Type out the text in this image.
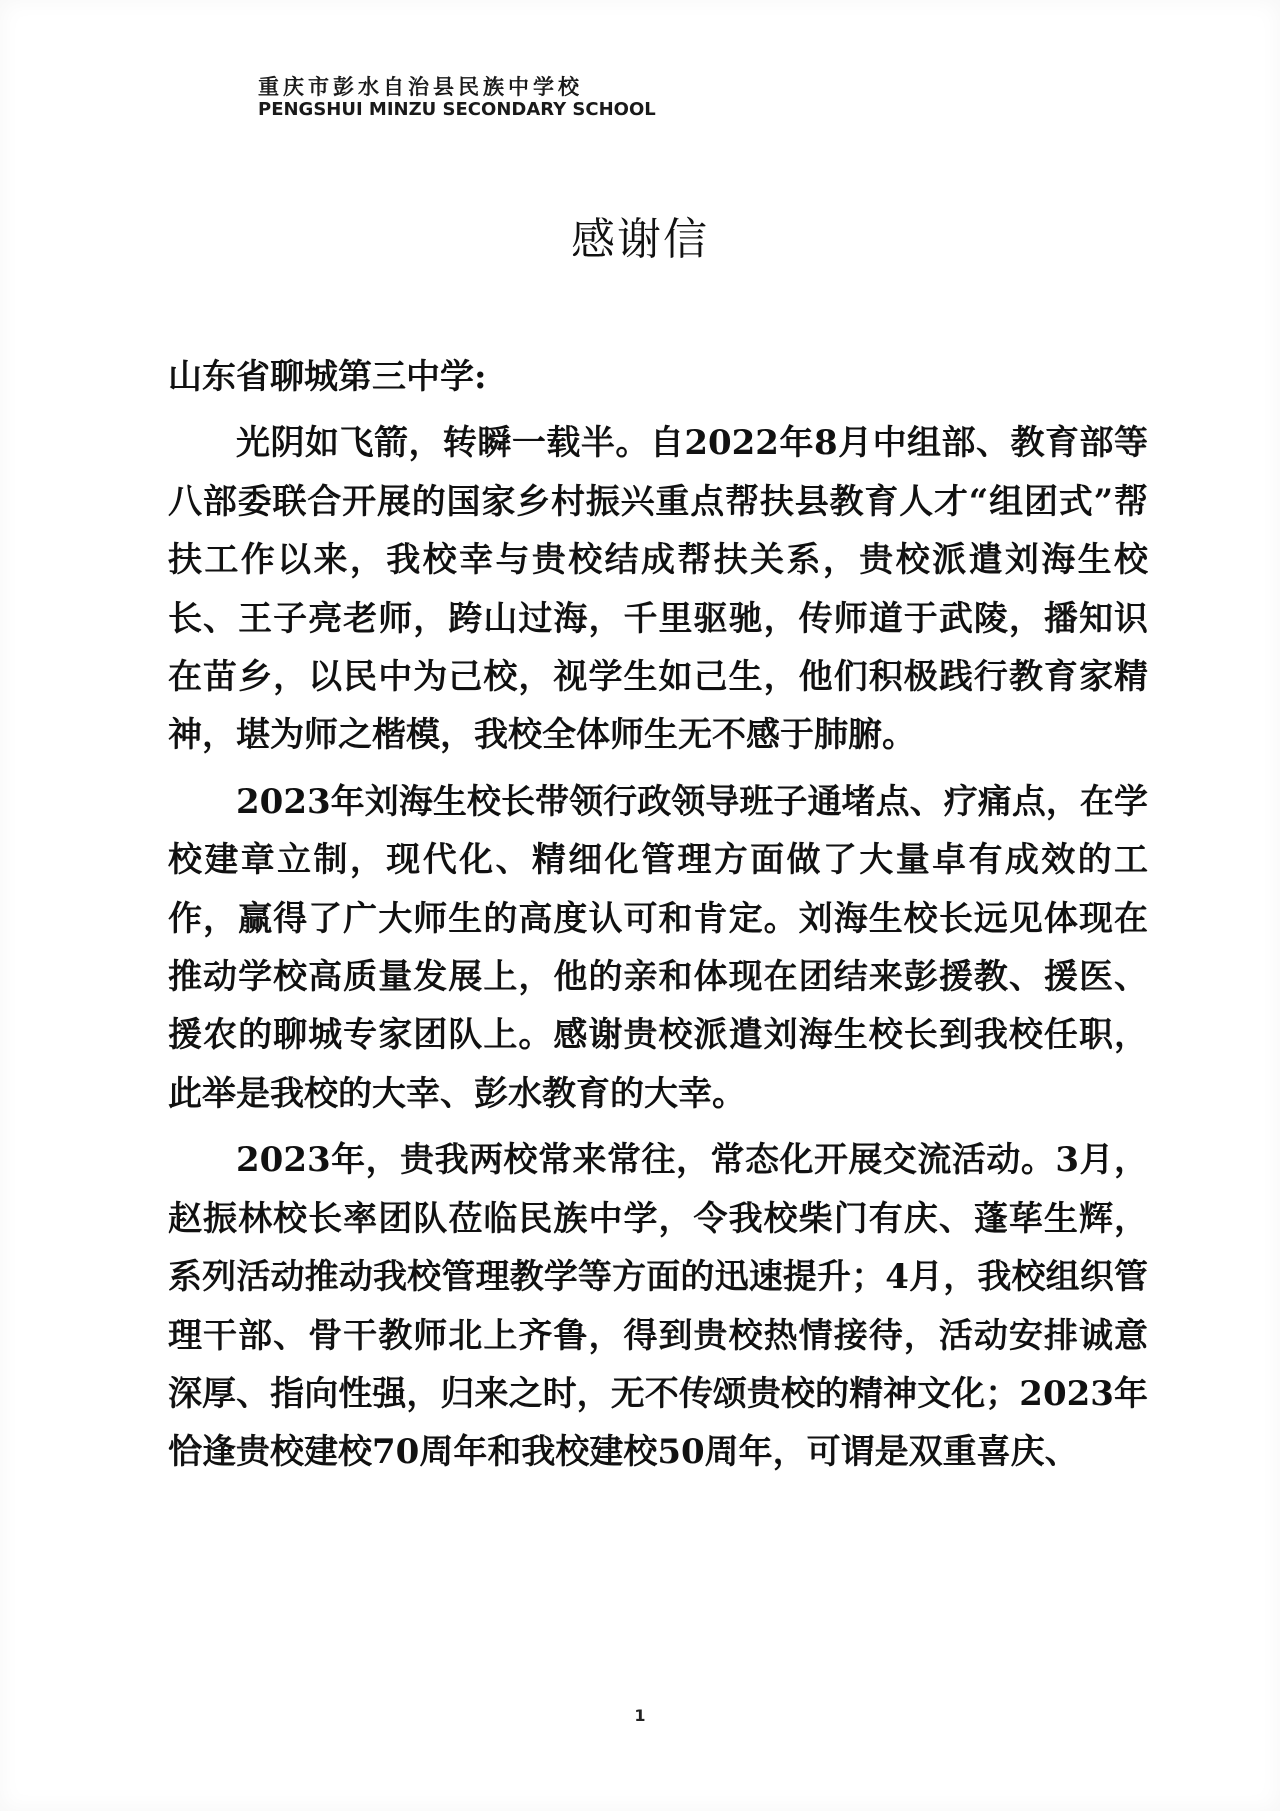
重庆市彭水自治县民族中学校
PENGSHUI MINZU SECONDARY SCHOOL
感谢信

山东省聊城第三中学:

光阴如飞箭，转瞬一载半。自2022年8月中组部、教育部等八部委联合开展的国家乡村振兴重点帮扶县教育人才“组团式”帮扶工作以来，我校幸与贵校结成帮扶关系，贵校派遣刘海生校长、王子亮老师，跨山过海，千里驱驰，传师道于武陵，播知识在苗乡，以民中为己校，视学生如己生，他们积极践行教育家精神，堪为师之楷模，我校全体师生无不感于肺腑。

2023年刘海生校长带领行政领导班子通堵点、疗痛点，在学校建章立制，现代化、精细化管理方面做了大量卓有成效的工作，赢得了广大师生的高度认可和肯定。刘海生校长远见体现在推动学校高质量发展上，他的亲和体现在团结来彭援教、援医、援农的聊城专家团队上。感谢贵校派遣刘海生校长到我校任职，此举是我校的大幸、彭水教育的大幸。

2023年，贵我两校常来常往，常态化开展交流活动。3月，赵振林校长率团队莅临民族中学，令我校柴门有庆、蓬荜生辉，系列活动推动我校管理教学等方面的迅速提升；4月，我校组织管理干部、骨干教师北上齐鲁，得到贵校热情接待，活动安排诚意深厚、指向性强，归来之时，无不传颂贵校的精神文化；2023年恰逢贵校建校70周年和我校建校50周年，可谓是双重喜庆、

1
